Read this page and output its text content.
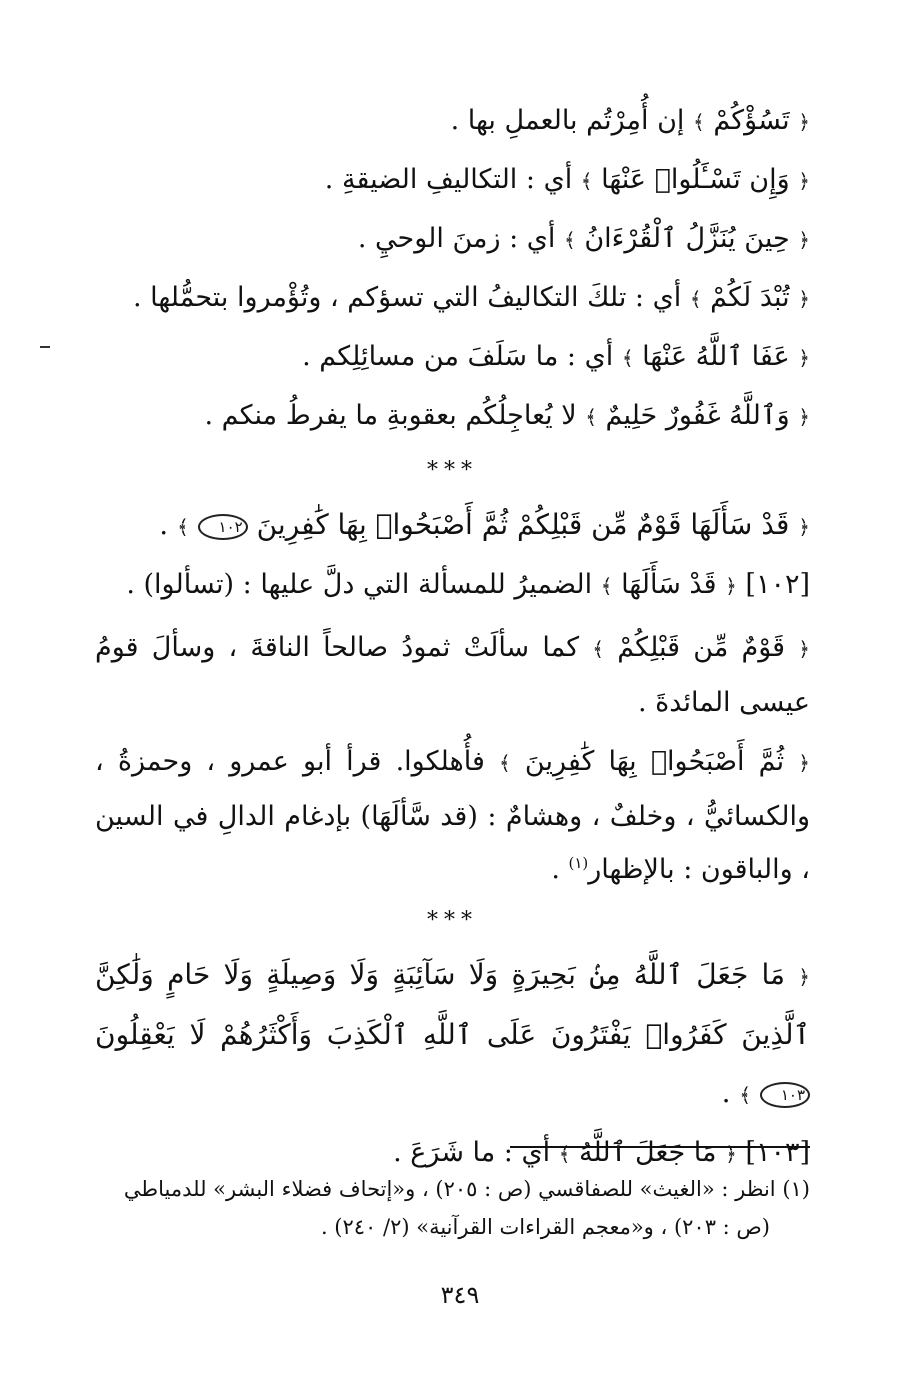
﴿ تَسُؤْكُمْ ﴾ إن أُمِرْتُم بالعملِ بها .
﴿ وَإِن تَسْـَٔلُوا۟ عَنْهَا ﴾ أي : التكاليفِ الضيقةِ .
﴿ حِينَ يُنَزَّلُ ٱلْقُرْءَانُ ﴾ أي : زمنَ الوحيِ .
﴿ تُبْدَ لَكُمْ ﴾ أي : تلكَ التكاليفُ التي تسؤكم ، وتُؤْمروا بتحمُّلها .
﴿ عَفَا ٱللَّهُ عَنْهَا ﴾ أي : ما سَلَفَ من مسائِلِكم .
﴿ وَٱللَّهُ غَفُورٌ حَلِيمٌ ﴾ لا يُعاجِلُكُم بعقوبةِ ما يفرطُ منكم .
***
﴿ قَدْ سَأَلَهَا قَوْمٌ مِّن قَبْلِكُمْ ثُمَّ أَصْبَحُوا۟ بِهَا كَٰفِرِينَ ١٠٢ ﴾ .
[١٠٢] ﴿ قَدْ سَأَلَهَا ﴾ الضميرُ للمسألة التي دلَّ عليها : (تسألوا) .
﴿ قَوْمٌ مِّن قَبْلِكُمْ ﴾ كما سألَتْ ثمودُ صالحاً الناقةَ ، وسألَ قومُ عيسى المائدةَ .
﴿ ثُمَّ أَصْبَحُوا۟ بِهَا كَٰفِرِينَ ﴾ فأُهلكوا. قرأ أبو عمرو ، وحمزةُ ، والكسائيُّ ، وخلفٌ ، وهشامٌ : (قد سَّألَهَا) بإدغام الدالِ في السين ، والباقون : بالإظهار$^{(١)}$ .
***
﴿ مَا جَعَلَ ٱللَّهُ مِنۢ بَحِيرَةٍ وَلَا سَآئِبَةٍ وَلَا وَصِيلَةٍ وَلَا حَامٍ وَلَٰكِنَّ ٱلَّذِينَ كَفَرُوا۟ يَفْتَرُونَ عَلَى ٱللَّهِ ٱلْكَذِبَ وَأَكْثَرُهُمْ لَا يَعْقِلُونَ ١٠٣ ﴾ .
[١٠٣] ﴿ مَا جَعَلَ ٱللَّهُ ﴾ أي : ما شَرَعَ .
(١) انظر : «الغيث» للصفاقسي (ص : ٢٠٥) ، و«إتحاف فضلاء البشر» للدمياطي
(ص : ٢٠٣) ، و«معجم القراءات القرآنية» (٢/ ٢٤٠) .
٣٤٩
